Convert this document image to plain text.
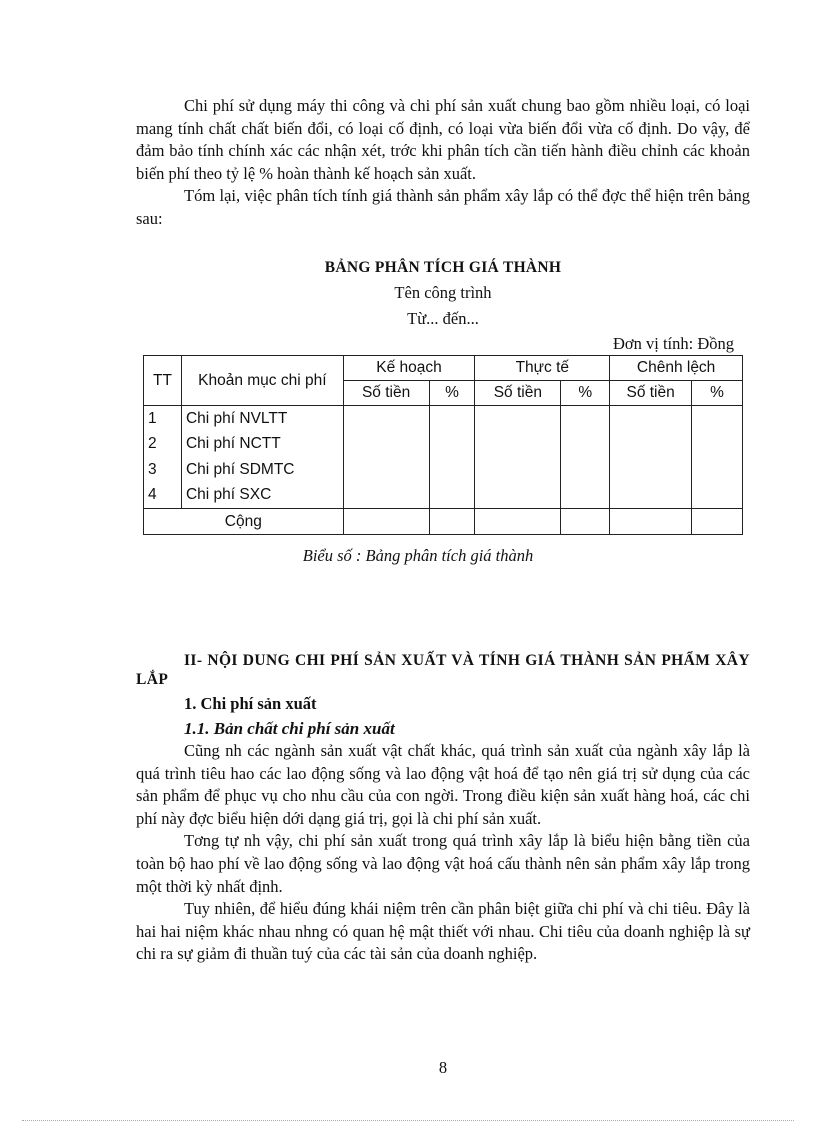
Chi phí sử dụng máy thi công và chi phí sản xuất chung bao gồm nhiều loại, có loại mang tính chất chất biến đổi, có loại cố định, có loại vừa biến đổi vừa cố định. Do vậy, để đảm bảo tính chính xác các nhận xét, trớc khi phân tích cần tiến hành điều chỉnh các khoản biến phí theo tỷ lệ % hoàn thành kế hoạch sản xuất.

Tóm lại, việc phân tích tính giá thành sản phẩm xây lắp có thể đợc thể hiện trên bảng sau:

BẢNG PHÂN TÍCH GIÁ THÀNH
Tên công trình
Từ... đến...
Đơn vị tính: Đồng
TT	Khoản mục chi phí	Kế hoạch		Thực tế		Chênh lệch	
		Số tiền	%	Số tiền	%	Số tiền	%
1	Chi phí NVLTT						
2	Chi phí NCTT						
3	Chi phí SDMTC						
4	Chi phí SXC						
Cộng							
Biểu số : Bảng phân tích giá thành
II- NỘI DUNG CHI PHÍ SẢN XUẤT VÀ TÍNH GIÁ THÀNH SẢN PHẨM XÂY LẮP
1. Chi phí sản xuất
1.1. Bản chất chi phí sản xuất

Cũng nh các ngành sản xuất vật chất khác, quá trình sản xuất của ngành xây lắp là quá trình tiêu hao các lao động sống và lao động vật hoá để tạo nên giá trị sử dụng của các sản phẩm để phục vụ cho nhu cầu của con ngời. Trong điều kiện sản xuất hàng hoá, các chi phí này đợc biểu hiện dới dạng giá trị, gọi là chi phí sản xuất.

Tơng tự nh vậy, chi phí sản xuất trong quá trình xây lắp là biểu hiện bằng tiền của toàn bộ hao phí về lao động sống và lao động vật hoá cấu thành nên sản phẩm xây lắp trong một thời kỳ nhất định.

Tuy nhiên, để hiểu đúng khái niệm trên cần phân biệt giữa chi phí và chi tiêu. Đây là hai hai niệm khác nhau nhng có quan hệ mật thiết với nhau. Chi tiêu của doanh nghiệp là sự chi ra sự giảm đi thuần tuý của các tài sản của doanh nghiệp.

8
